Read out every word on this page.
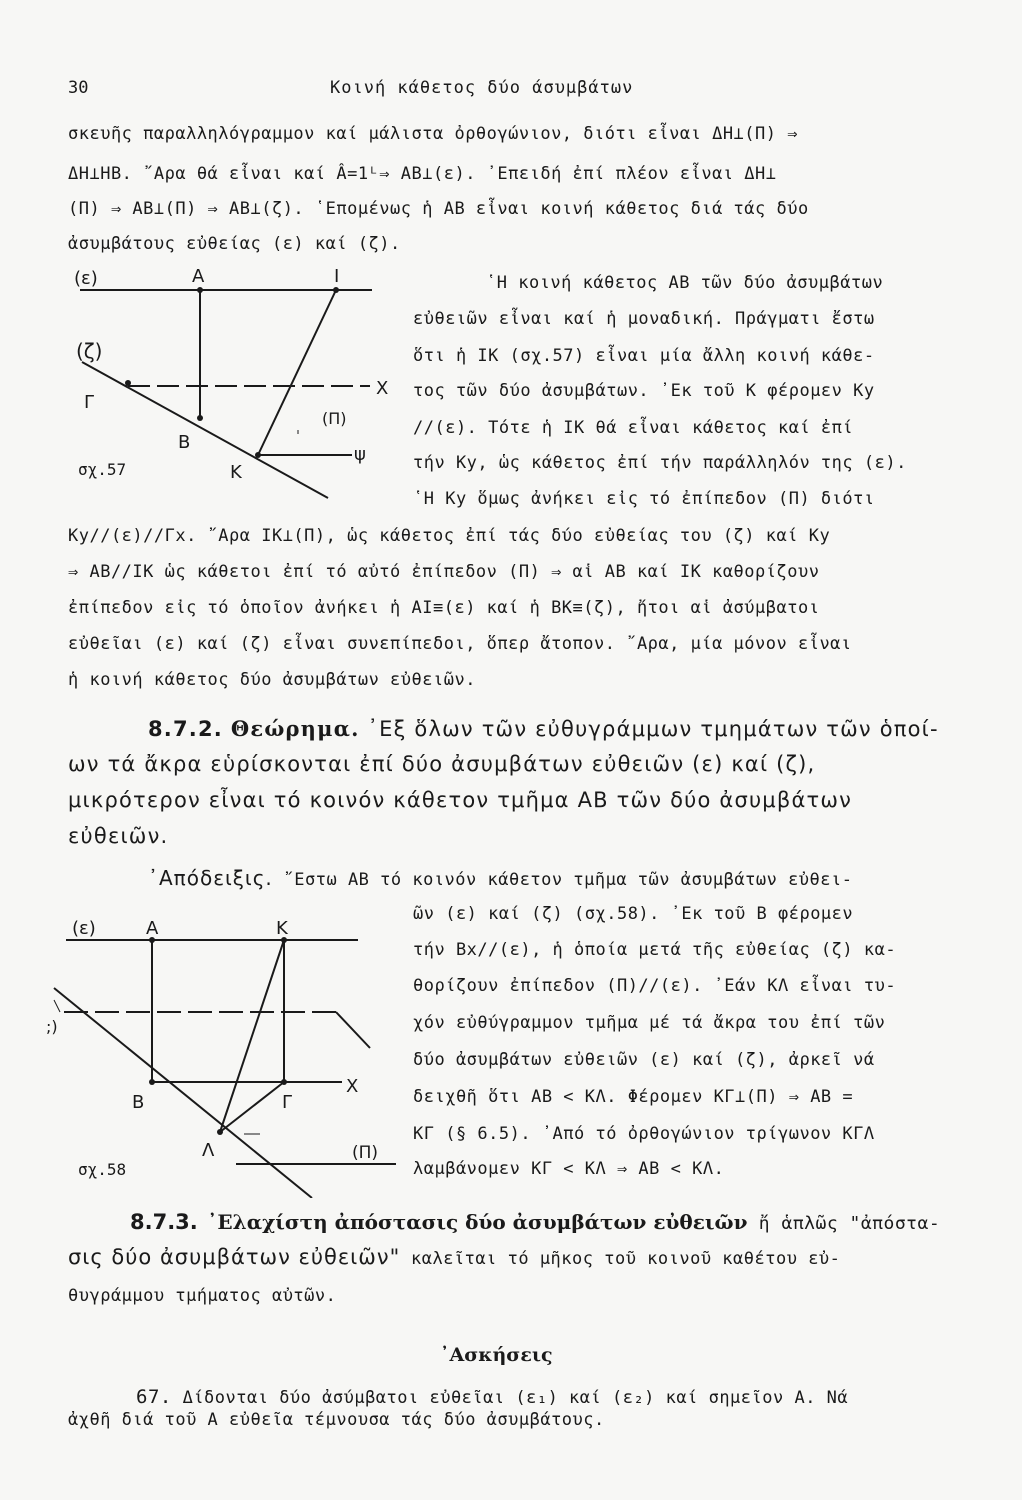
30	Κοινή κάθετος δύο άσυμβάτων
σκευῆς παραλληλόγραμμον καί μάλιστα ὀρθογώνιον, διότι εἶναι ΔΗ⊥(Π) ⇒
ΔΗ⊥ΗΒ. ῎Αρα θά εἶναι καί Â=1ᴸ⇒ ΑΒ⊥(ε). ᾿Επειδή ἐπί πλέον εἶναι ΔΗ⊥
(Π) ⇒ ΑΒ⊥(Π) ⇒ ΑΒ⊥(ζ). ῾Επομένως ἡ ΑΒ εἶναι κοινή κάθετος διά τάς δύο
ἀσυμβάτους εὐθείας (ε) καί (ζ).
(ε)	Α	Ι
(ζ)
Χ
Γ
(Π)
Β
ψ
Κ
σχ.57
῾Η κοινή κάθετος ΑΒ τῶν δύο ἀσυμβάτων
εὐθειῶν εἶναι καί ἡ μοναδική. Πράγματι ἔστω
ὅτι ἡ ΙΚ (σχ.57) εἶναι μία ἄλλη κοινή κάθε-
τος τῶν δύο ἀσυμβάτων. ᾿Εκ τοῦ Κ φέρομεν Κy
//(ε). Τότε ἡ ΙΚ θά εἶναι κάθετος καί ἐπί
τήν Κy, ὡς κάθετος ἐπί τήν παράλληλόν της (ε).
῾Η Κy ὅμως ἀνήκει εἰς τό ἐπίπεδον (Π) διότι
Κy//(ε)//Γx. ῎Αρα ΙΚ⊥(Π), ὡς κάθετος ἐπί τάς δύο εὐθείας του (ζ) καί Κy
⇒ ΑΒ//ΙΚ ὡς κάθετοι ἐπί τό αὐτό ἐπίπεδον (Π) ⇒ αἱ ΑΒ καί ΙΚ καθορίζουν
ἐπίπεδον εἰς τό ὁποῖον ἀνήκει ἡ ΑΙ≡(ε) καί ἡ ΒΚ≡(ζ), ἤτοι αἱ ἀσύμβατοι
εὐθεῖαι (ε) καί (ζ) εἶναι συνεπίπεδοι, ὅπερ ἄτοπον. ῎Αρα, μία μόνον εἶναι
ἡ κοινή κάθετος δύο ἀσυμβάτων εὐθειῶν.
8.7.2. Θεώρημα. ᾿Εξ ὅλων τῶν εὐθυγράμμων τμημάτων τῶν ὁποί-
ων τά ἄκρα εὑρίσκονται ἐπί δύο ἀσυμβάτων εὐθειῶν (ε) καί (ζ),
μικρότερον εἶναι τό κοινόν κάθετον τμῆμα ΑΒ τῶν δύο ἀσυμβάτων
εὐθειῶν.
᾿Απόδειξις. ῎Εστω ΑΒ τό κοινόν κάθετον τμῆμα τῶν ἀσυμβάτων εὐθει-
(ε)	Α	Κ
;)
Χ
Β	Γ
Λ	(Π)
σχ.58
ῶν (ε) καί (ζ) (σχ.58). ᾿Εκ τοῦ Β φέρομεν
τήν Βx//(ε), ἡ ὁποία μετά τῆς εὐθείας (ζ) κα-
θορίζουν ἐπίπεδον (Π)//(ε). ᾿Εάν ΚΛ εἶναι τυ-
χόν εὐθύγραμμον τμῆμα μέ τά ἄκρα του ἐπί τῶν
δύο ἀσυμβάτων εὐθειῶν (ε) καί (ζ), ἀρκεῖ νά
δειχθῆ ὅτι ΑΒ < ΚΛ. Φέρομεν ΚΓ⊥(Π) ⇒ ΑΒ =
ΚΓ (§ 6.5). ᾿Από τό ὀρθογώνιον τρίγωνον ΚΓΛ
λαμβάνομεν ΚΓ < ΚΛ ⇒ ΑΒ < ΚΛ.
8.7.3. ᾿Ελαχίστη ἀπόστασις δύο ἀσυμβάτων εὐθειῶν ἤ ἁπλῶς "ἀπόστα-
σις δύο ἀσυμβάτων εὐθειῶν" καλεῖται τό μῆκος τοῦ κοινοῦ καθέτου εὐ-
θυγράμμου τμήματος αὐτῶν.
᾿Ασκήσεις
67. Δίδονται δύο ἀσύμβατοι εὐθεῖαι (ε₁) καί (ε₂) καί σημεῖον Α. Νά
ἀχθῆ διά τοῦ Α εὐθεῖα τέμνουσα τάς δύο ἀσυμβάτους.
